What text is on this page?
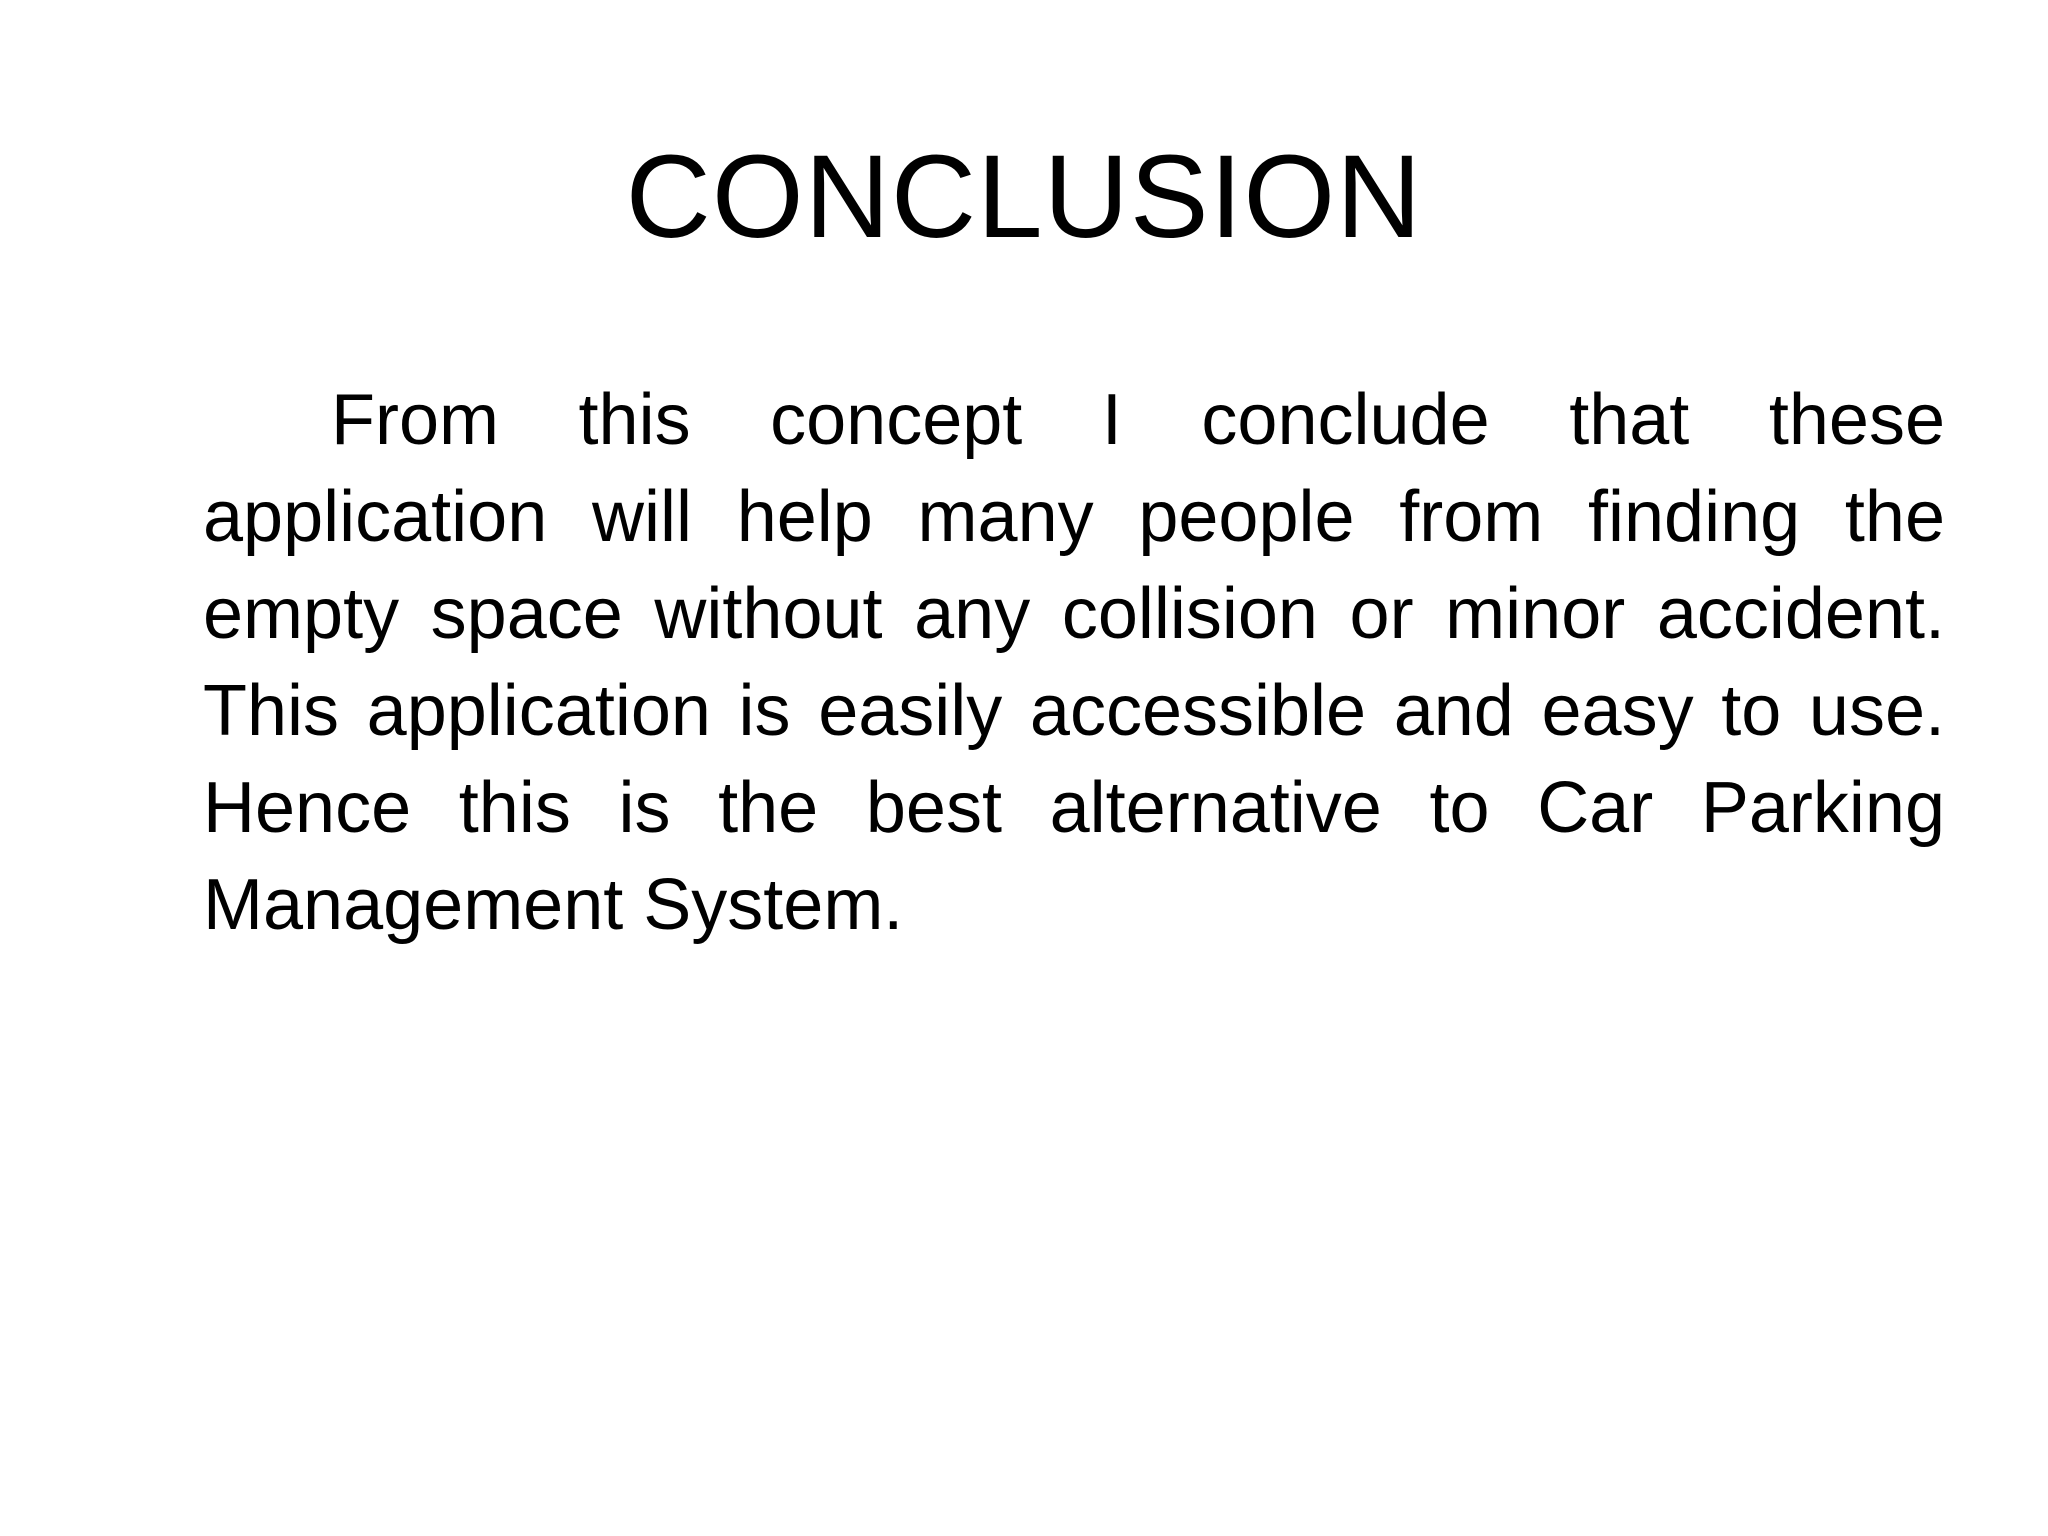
CONCLUSION

From this concept I conclude that these application will help many people from finding the empty space without any collision or minor accident. This application is easily accessible and easy to use. Hence this is the best alternative to Car Parking Management System.
